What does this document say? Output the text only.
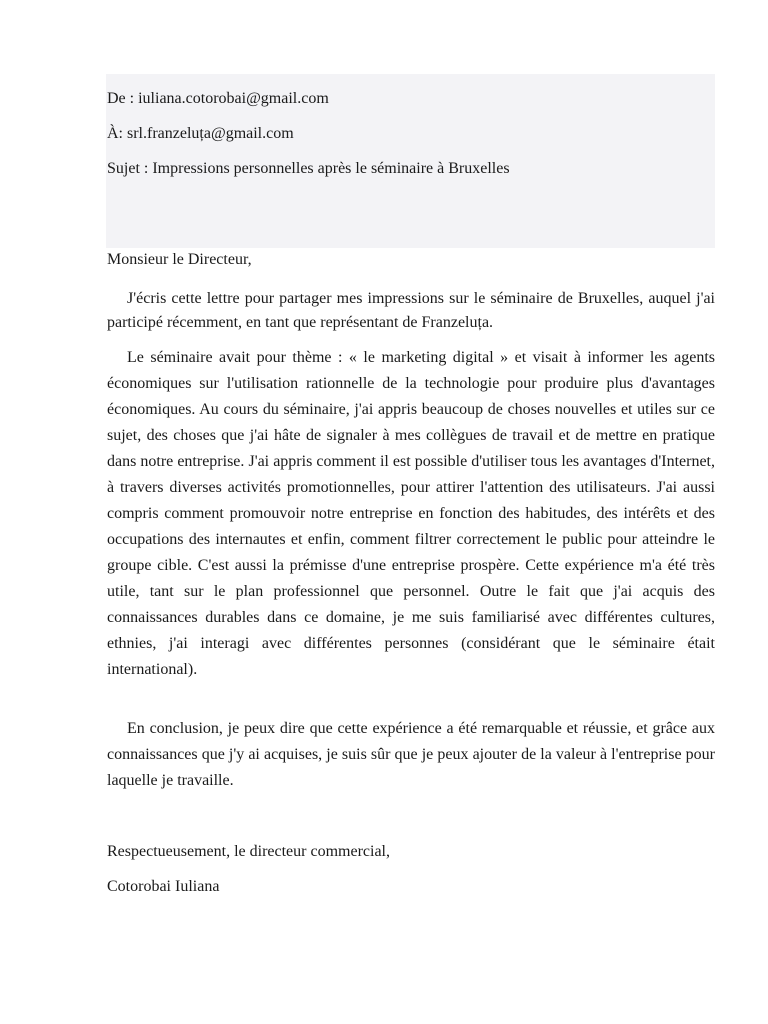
De : iuliana.cotorobai@gmail.com
À: srl.franzeluța@gmail.com
Sujet : Impressions personnelles après le séminaire à Bruxelles
Monsieur le Directeur,

J'écris cette lettre pour partager mes impressions sur le séminaire de Bruxelles, auquel j'ai participé récemment, en tant que représentant de Franzeluța.

Le séminaire avait pour thème : « le marketing digital » et visait à informer les agents économiques sur l'utilisation rationnelle de la technologie pour produire plus d'avantages économiques. Au cours du séminaire, j'ai appris beaucoup de choses nouvelles et utiles sur ce sujet, des choses que j'ai hâte de signaler à mes collègues de travail et de mettre en pratique dans notre entreprise. J'ai appris comment il est possible d'utiliser tous les avantages d'Internet, à travers diverses activités promotionnelles, pour attirer l'attention des utilisateurs. J'ai aussi compris comment promouvoir notre entreprise en fonction des habitudes, des intérêts et des occupations des internautes et enfin, comment filtrer correctement le public pour atteindre le groupe cible. C'est aussi la prémisse d'une entreprise prospère. Cette expérience m'a été très utile, tant sur le plan professionnel que personnel. Outre le fait que j'ai acquis des connaissances durables dans ce domaine, je me suis familiarisé avec différentes cultures, ethnies, j'ai interagi avec différentes personnes (considérant que le séminaire était international).

En conclusion, je peux dire que cette expérience a été remarquable et réussie, et grâce aux connaissances que j'y ai acquises, je suis sûr que je peux ajouter de la valeur à l'entreprise pour laquelle je travaille.

Respectueusement, le directeur commercial,
Cotorobai Iuliana
